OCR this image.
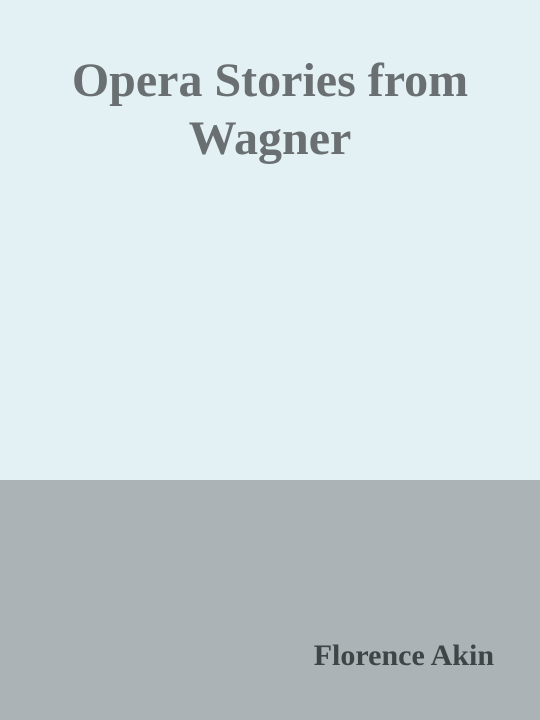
Opera Stories from
Wagner

Florence Akin
